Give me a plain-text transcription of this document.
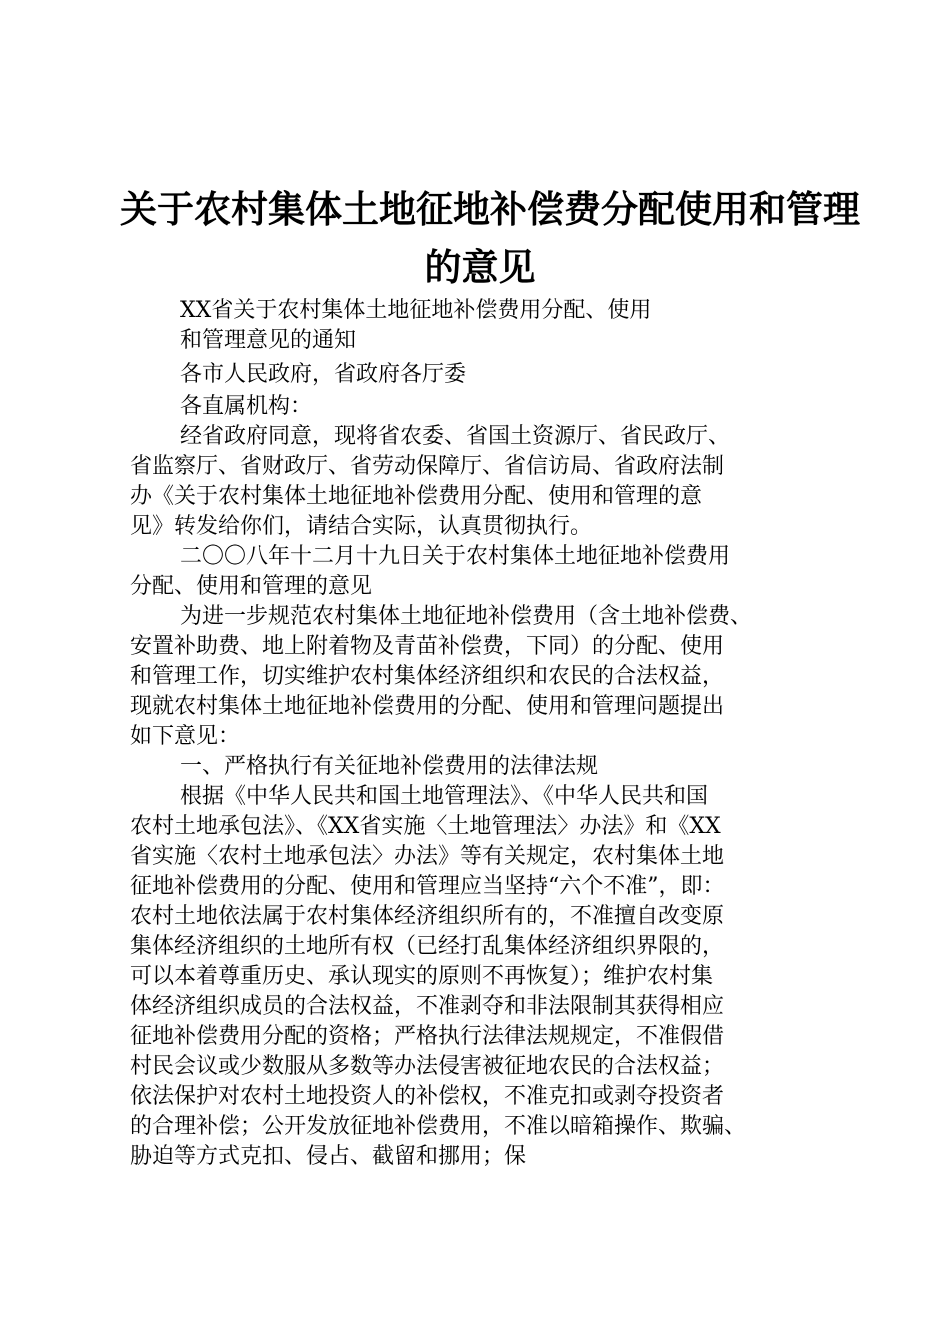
关于农村集体土地征地补偿费分配使用和管理
的意见

XX省关于农村集体土地征地补偿费用分配、使用

和管理意见的通知

各市人民政府，省政府各厅委

各直属机构：

经省政府同意，现将省农委、省国土资源厅、省民政厅、

省监察厅、省财政厅、省劳动保障厅、省信访局、省政府法制

办《关于农村集体土地征地补偿费用分配、使用和管理的意

见》转发给你们，请结合实际，认真贯彻执行。

二〇〇八年十二月十九日关于农村集体土地征地补偿费用

分配、使用和管理的意见

为进一步规范农村集体土地征地补偿费用（含土地补偿费、

安置补助费、地上附着物及青苗补偿费，下同）的分配、使用

和管理工作，切实维护农村集体经济组织和农民的合法权益，

现就农村集体土地征地补偿费用的分配、使用和管理问题提出

如下意见：

一、严格执行有关征地补偿费用的法律法规

根据《中华人民共和国土地管理法》、《中华人民共和国

农村土地承包法》、《XX省实施〈土地管理法〉办法》和《XX

省实施〈农村土地承包法〉办法》等有关规定，农村集体土地

征地补偿费用的分配、使用和管理应当坚持“六个不准”，即：

农村土地依法属于农村集体经济组织所有的，不准擅自改变原

集体经济组织的土地所有权（已经打乱集体经济组织界限的，

可以本着尊重历史、承认现实的原则不再恢复）；维护农村集

体经济组织成员的合法权益，不准剥夺和非法限制其获得相应

征地补偿费用分配的资格；严格执行法律法规规定，不准假借

村民会议或少数服从多数等办法侵害被征地农民的合法权益；

依法保护对农村土地投资人的补偿权，不准克扣或剥夺投资者

的合理补偿；公开发放征地补偿费用，不准以暗箱操作、欺骗、

胁迫等方式克扣、侵占、截留和挪用；保
